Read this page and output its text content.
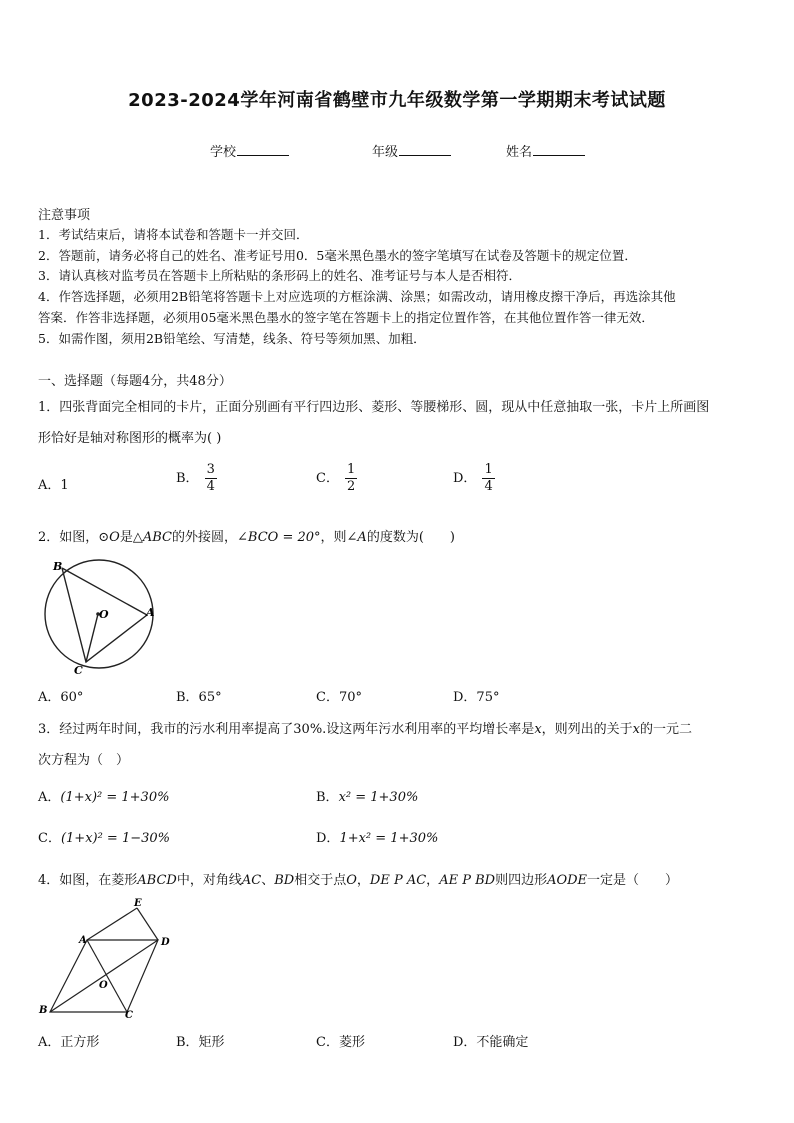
2023-2024学年河南省鹤壁市九年级数学第一学期期末考试试题
学校	年级	姓名
注意事项
1．考试结束后，请将本试卷和答题卡一并交回．
2．答题前，请务必将自己的姓名、准考证号用0．5毫米黑色墨水的签字笔填写在试卷及答题卡的规定位置．
3．请认真核对监考员在答题卡上所粘贴的条形码上的姓名、准考证号与本人是否相符．
4．作答选择题，必须用2B铅笔将答题卡上对应选项的方框涂满、涂黑；如需改动，请用橡皮擦干净后，再选涂其他
答案．作答非选择题，必须用05毫米黑色墨水的签字笔在答题卡上的指定位置作答，在其他位置作答一律无效．
5．如需作图，须用2B铅笔绘、写清楚，线条、符号等须加黑、加粗．
一、选择题（每题4分，共48分）
1．四张背面完全相同的卡片，正面分别画有平行四边形、菱形、等腰梯形、圆，现从中任意抽取一张，卡片上所画图
形恰好是轴对称图形的概率为( )
A．1	B． $\frac{3}{4}$	C． $\frac{1}{2}$	D． $\frac{1}{4}$
2．如图，⊙O是△ABC的外接圆，∠BCO = 20°，则∠A的度数为(　　)
B
O	A
C
A．60°	B．65°	C．70°	D．75°
3．经过两年时间，我市的污水利用率提高了30%.设这两年污水利用率的平均增长率是x，则列出的关于x的一元二
次方程为（　）
A．(1+x)² = 1+30%	B．x² = 1+30%
C．(1+x)² = 1−30%	D．1+x² = 1+30%
4．如图，在菱形ABCD中，对角线AC、BD相交于点O，DE P AC，AE P BD则四边形AODE一定是（　　）
E
A	D
O
B	C
A．正方形	B．矩形	C．菱形	D．不能确定
